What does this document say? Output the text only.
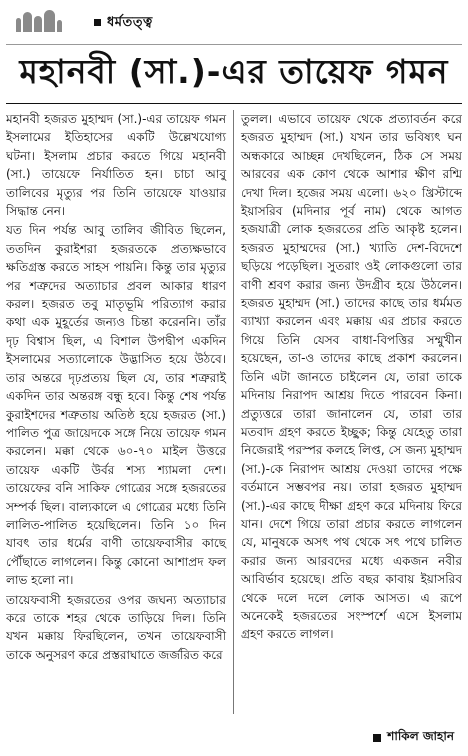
ধর্মতত্ত্ব
মহানবী (সা.)-এর তায়েফ গমন

মহানবী হজরত মুহাম্মদ (সা.)-এর তায়েফ গমন ইসলামের ইতিহাসের একটি উল্লেখযোগ্য ঘটনা। ইসলাম প্রচার করতে গিয়ে মহানবী (সা.) তায়েফে নির্যাতিত হন। চাচা আবু তালিবের মৃত্যুর পর তিনি তায়েফে যাওয়ার সিদ্ধান্ত নেন।

যত দিন পর্যন্ত আবু তালিব জীবিত ছিলেন, ততদিন কুরাইশরা হজরতকে প্রত্যক্ষভাবে ক্ষতিগ্রস্ত করতে সাহস পায়নি। কিন্তু তার মৃত্যুর পর শত্রুদের অত্যাচার প্রবল আকার ধারণ করল। হজরত তবু মাতৃভূমি পরিত্যাগ করার কথা এক মুহূর্তের জন্যও চিন্তা করেননি। তাঁর দৃঢ় বিশ্বাস ছিল, এ বিশাল উপদ্বীপ একদিন ইসলামের সত্যালোকে উদ্ভাসিত হয়ে উঠবে। তার অন্তরে দৃঢ়প্রত্যয় ছিল যে, তার শত্রুরাই একদিন তার অন্তরঙ্গ বন্ধু হবে। কিন্তু শেষ পর্যন্ত কুরাইশদের শত্রুতায় অতিষ্ঠ হয়ে হজরত (সা.) পালিত পুত্র জায়েদকে সঙ্গে নিয়ে তায়েফ গমন করলেন। মক্কা থেকে ৬০-৭০ মাইল উত্তরে তায়েফ একটি উর্বর শস্য শ্যামলা দেশ। তায়েফের বনি সাকিফ গোত্রের সঙ্গে হজরতের সম্পর্ক ছিল। বাল্যকালে এ গোত্রের মধ্যে তিনি লালিত-পালিত হয়েছিলেন। তিনি ১০ দিন যাবৎ তার ধর্মের বাণী তায়েফবাসীর কাছে পৌঁছাতে লাগলেন। কিন্তু কোনো আশাপ্রদ ফল লাভ হলো না।

তায়েফবাসী হজরতের ওপর জঘন্য অত্যাচার করে তাকে শহর থেকে তাড়িয়ে দিল। তিনি যখন মক্কায় ফিরছিলেন, তখন তায়েফবাসী তাকে অনুসরণ করে প্রস্তরাঘাতে জর্জরিত করে

তুলল। এভাবে তায়েফ থেকে প্রত্যাবর্তন করে হজরত মুহাম্মদ (সা.) যখন তার ভবিষ্যৎ ঘন অন্ধকারে আচ্ছন্ন দেখছিলেন, ঠিক সে সময় আরবের এক কোণ থেকে আশার ক্ষীণ রশ্মি দেখা দিল। হজের সময় এলো। ৬২০ খ্রিস্টাব্দে ইয়াসরিব (মদিনার পূর্ব নাম) থেকে আগত হজযাত্রী লোক হজরতের প্রতি আকৃষ্ট হলেন। হজরত মুহাম্মদের (সা.) খ্যাতি দেশ-বিদেশে ছড়িয়ে পড়েছিল। সুতরাং ওই লোকগুলো তার বাণী শ্রবণ করার জন্য উদগ্রীব হয়ে উঠলেন। হজরত মুহাম্মদ (সা.) তাদের কাছে তার ধর্মমত ব্যাখ্যা করলেন এবং মক্কায় এর প্রচার করতে গিয়ে তিনি যেসব বাধা-বিপত্তির সম্মুখীন হয়েছেন, তা-ও তাদের কাছে প্রকাশ করলেন। তিনি এটা জানতে চাইলেন যে, তারা তাকে মদিনায় নিরাপদ আশ্রয় দিতে পারবেন কিনা। প্রত্যুত্তরে তারা জানালেন যে, তারা তার মতবাদ গ্রহণ করতে ইচ্ছুক; কিন্তু যেহেতু তারা নিজেরাই পরস্পর কলহে লিপ্ত, সে জন্য মুহাম্মদ (সা.)-কে নিরাপদ আশ্রয় দেওয়া তাদের পক্ষে বর্তমানে সম্ভবপর নয়। তারা হজরত মুহাম্মদ (সা.)-এর কাছে দীক্ষা গ্রহণ করে মদিনায় ফিরে যান। দেশে গিয়ে তারা প্রচার করতে লাগলেন যে, মানুষকে অসৎ পথ থেকে সৎ পথে চালিত করার জন্য আরবদের মধ্যে একজন নবীর আবির্ভাব হয়েছে। প্রতি বছর কাবায় ইয়াসরিব থেকে দলে দলে লোক আসত। এ রূপে অনেকেই হজরতের সংস্পর্শে এসে ইসলাম গ্রহণ করতে লাগল।

শাকিল জাহান
